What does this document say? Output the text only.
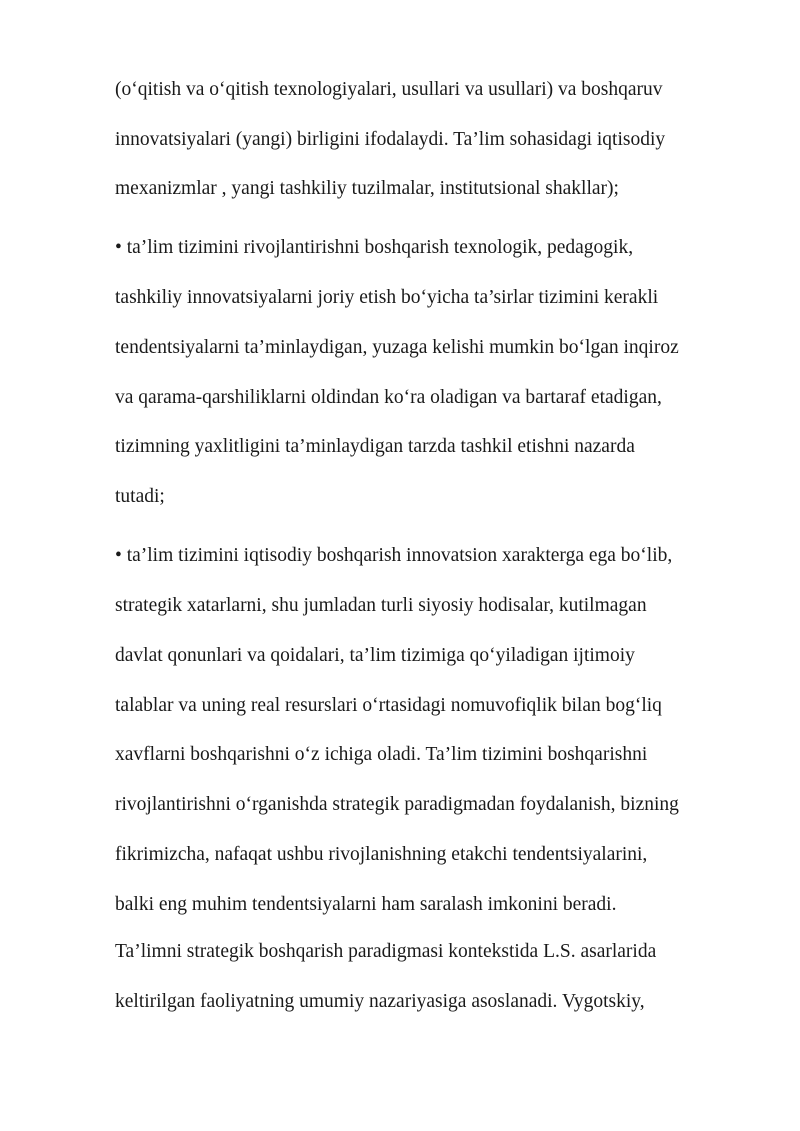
(o‘qitish va o‘qitish texnologiyalari, usullari va usullari) va boshqaruv
innovatsiyalari (yangi) birligini ifodalaydi. Ta’lim sohasidagi iqtisodiy
mexanizmlar , yangi tashkiliy tuzilmalar, institutsional shakllar);
• ta’lim tizimini rivojlantirishni boshqarish texnologik, pedagogik,
tashkiliy innovatsiyalarni joriy etish bo‘yicha ta’sirlar tizimini kerakli
tendentsiyalarni ta’minlaydigan, yuzaga kelishi mumkin bo‘lgan inqiroz
va qarama-qarshiliklarni oldindan ko‘ra oladigan va bartaraf etadigan,
tizimning yaxlitligini ta’minlaydigan tarzda tashkil etishni nazarda
tutadi;
• ta’lim tizimini iqtisodiy boshqarish innovatsion xarakterga ega bo‘lib,
strategik xatarlarni, shu jumladan turli siyosiy hodisalar, kutilmagan
davlat qonunlari va qoidalari, ta’lim tizimiga qo‘yiladigan ijtimoiy
talablar va uning real resurslari o‘rtasidagi nomuvofiqlik bilan bog‘liq
xavflarni boshqarishni o‘z ichiga oladi. Ta’lim tizimini boshqarishni
rivojlantirishni o‘rganishda strategik paradigmadan foydalanish, bizning
fikrimizcha, nafaqat ushbu rivojlanishning etakchi tendentsiyalarini,
balki eng muhim tendentsiyalarni ham saralash imkonini beradi.
Ta’limni strategik boshqarish paradigmasi kontekstida L.S. asarlarida
keltirilgan faoliyatning umumiy nazariyasiga asoslanadi. Vygotskiy,
